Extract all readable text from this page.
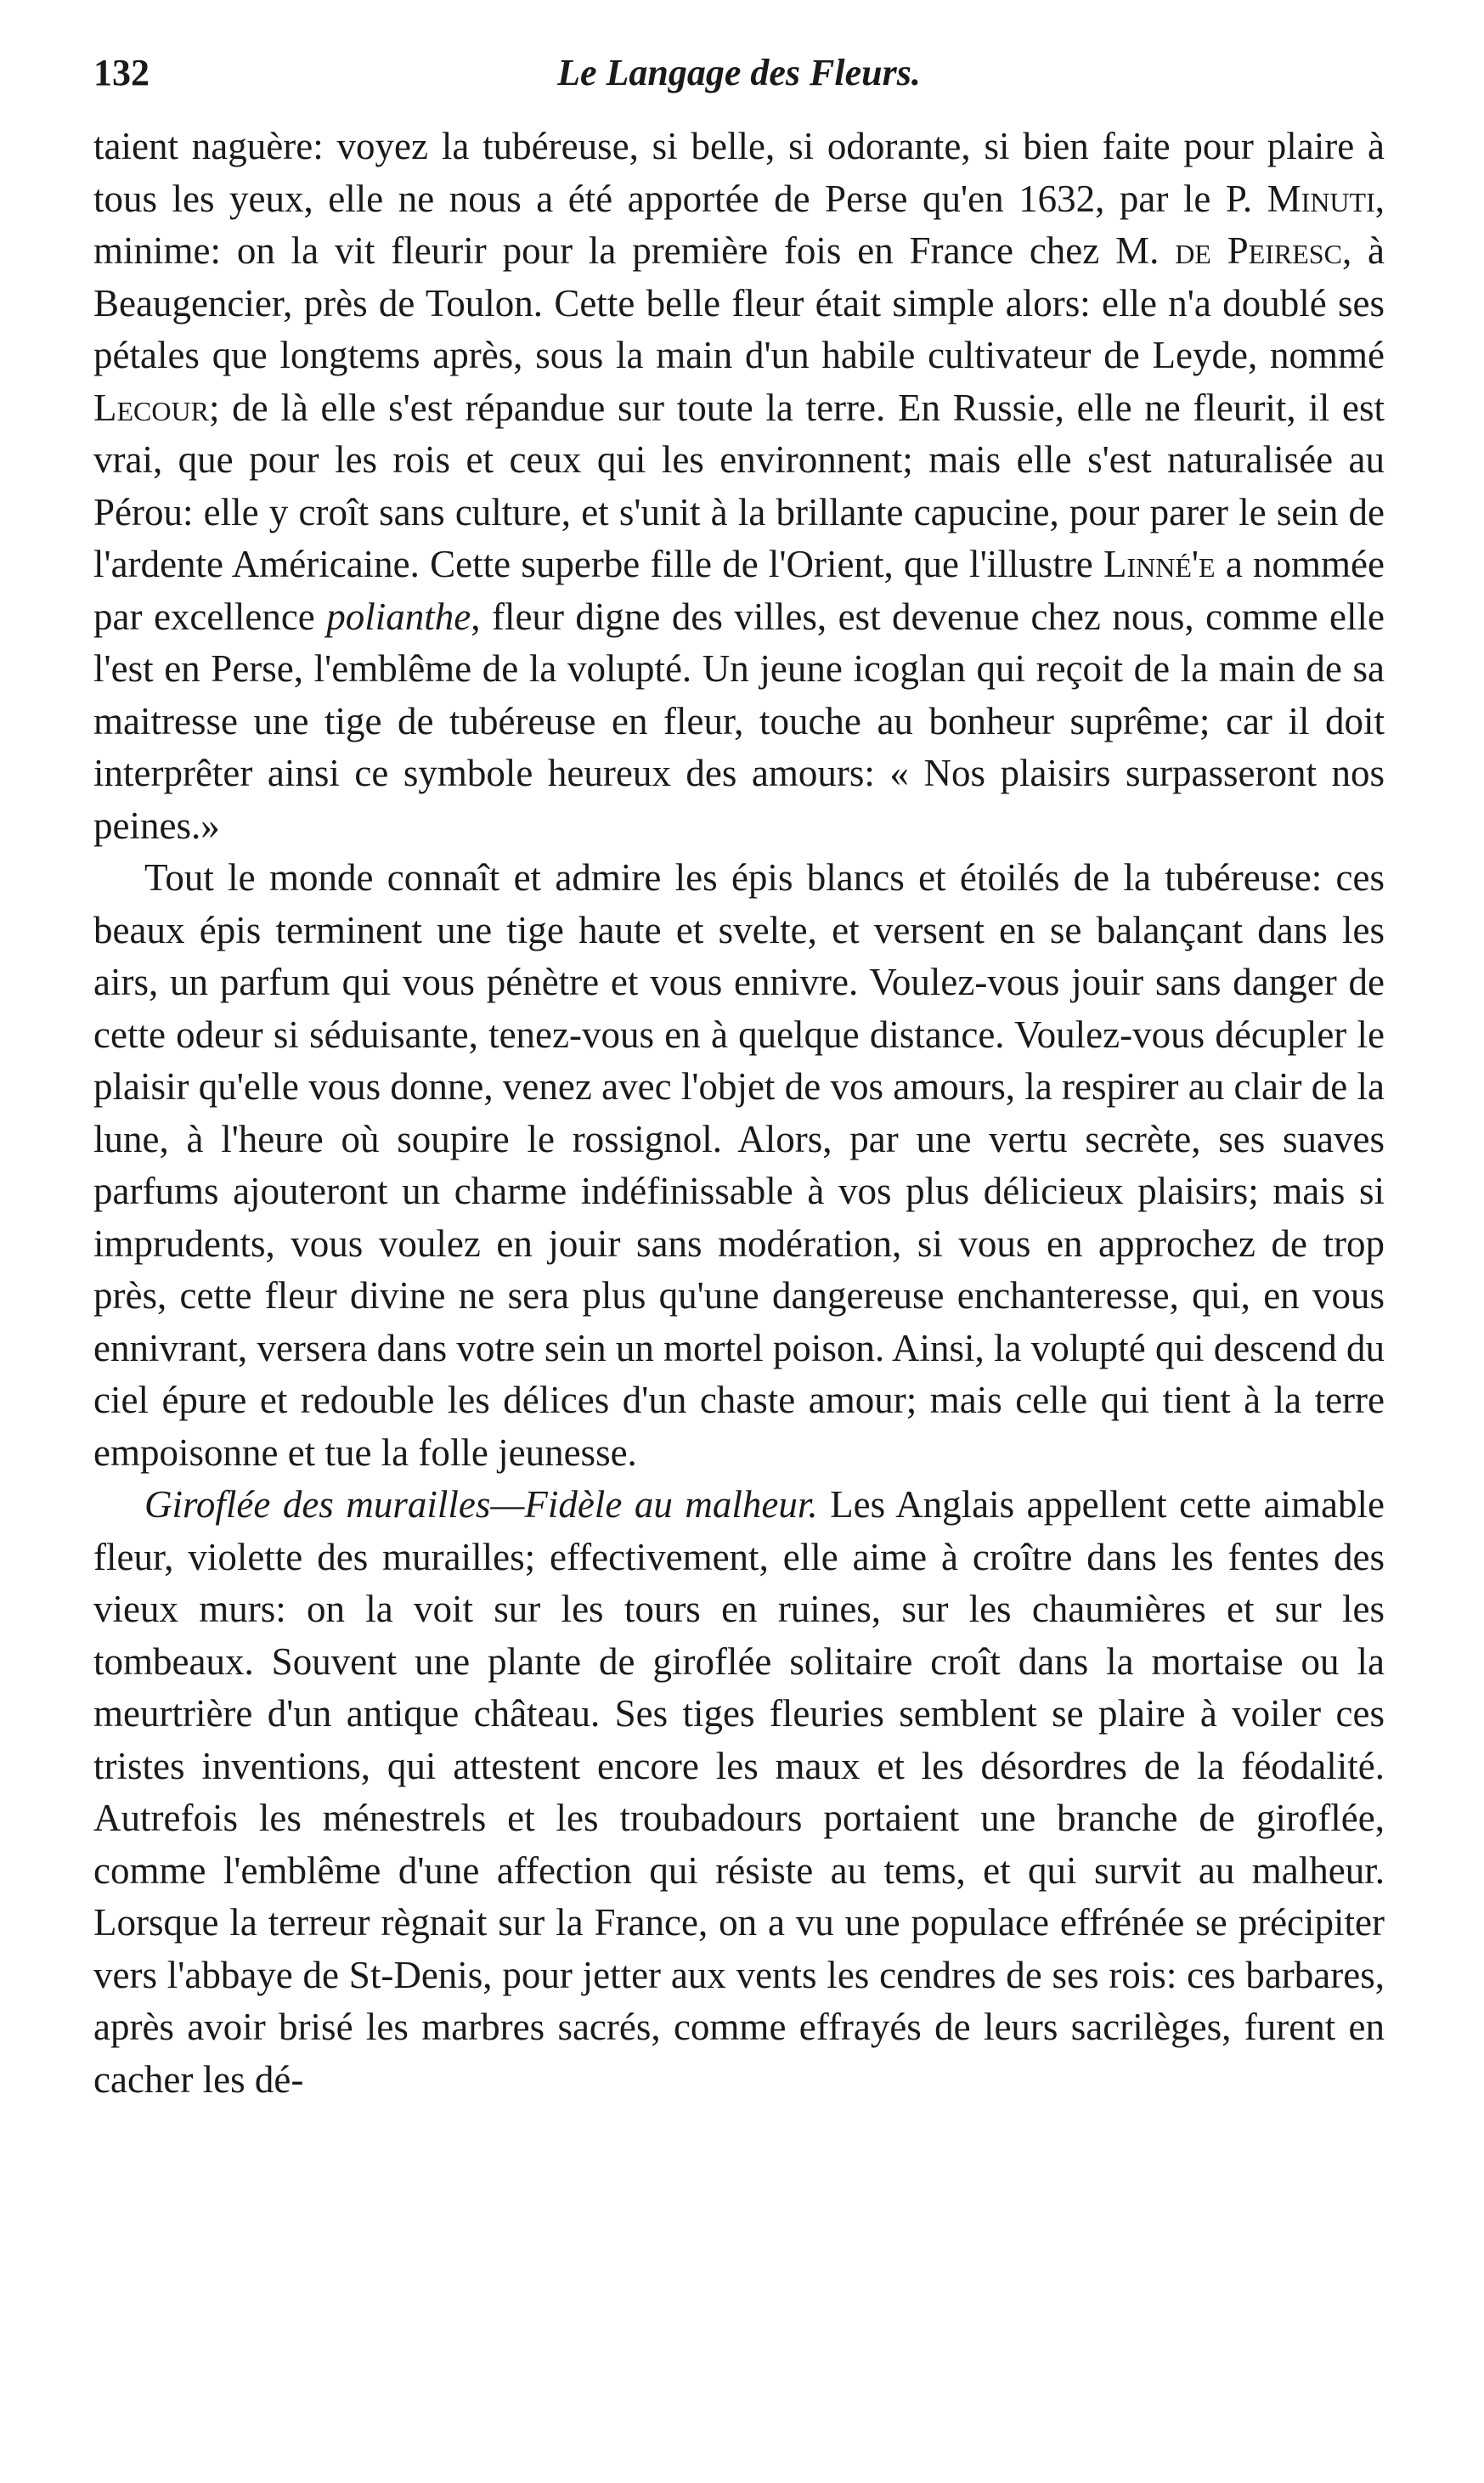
132	Le Langage des Fleurs.

taient naguère: voyez la tubéreuse, si belle, si odorante, si bien faite pour plaire à tous les yeux, elle ne nous a été apportée de Perse qu'en 1632, par le P. Minuti, minime: on la vit fleurir pour la première fois en France chez M. de Peiresc, à Beaugencier, près de Toulon. Cette belle fleur était simple alors: elle n'a doublé ses pétales que longtems après, sous la main d'un habile cultivateur de Leyde, nommé Lecour; de là elle s'est répandue sur toute la terre. En Russie, elle ne fleurit, il est vrai, que pour les rois et ceux qui les environnent; mais elle s'est naturalisée au Pérou: elle y croît sans culture, et s'unit à la brillante capucine, pour parer le sein de l'ardente Américaine. Cette superbe fille de l'Orient, que l'illustre Linné'e a nommée par excellence polianthe, fleur digne des villes, est devenue chez nous, comme elle l'est en Perse, l'emblême de la volupté. Un jeune icoglan qui reçoit de la main de sa maitresse une tige de tubéreuse en fleur, touche au bonheur suprême; car il doit interprêter ainsi ce symbole heureux des amours: « Nos plaisirs surpasseront nos peines.»

Tout le monde connaît et admire les épis blancs et étoilés de la tubéreuse: ces beaux épis terminent une tige haute et svelte, et versent en se balançant dans les airs, un parfum qui vous pénètre et vous ennivre. Voulez-vous jouir sans danger de cette odeur si séduisante, tenez-vous en à quelque distance. Voulez-vous décupler le plaisir qu'elle vous donne, venez avec l'objet de vos amours, la respirer au clair de la lune, à l'heure où soupire le rossignol. Alors, par une vertu secrète, ses suaves parfums ajouteront un charme indéfinissable à vos plus délicieux plaisirs; mais si imprudents, vous voulez en jouir sans modération, si vous en approchez de trop près, cette fleur divine ne sera plus qu'une dangereuse enchanteresse, qui, en vous ennivrant, versera dans votre sein un mortel poison. Ainsi, la volupté qui descend du ciel épure et redouble les délices d'un chaste amour; mais celle qui tient à la terre empoisonne et tue la folle jeunesse.

Giroflée des murailles—Fidèle au malheur. Les Anglais appellent cette aimable fleur, violette des murailles; effectivement, elle aime à croître dans les fentes des vieux murs: on la voit sur les tours en ruines, sur les chaumières et sur les tombeaux. Souvent une plante de giroflée solitaire croît dans la mortaise ou la meurtrière d'un antique château. Ses tiges fleuries semblent se plaire à voiler ces tristes inventions, qui attestent encore les maux et les désordres de la féodalité. Autrefois les ménestrels et les troubadours portaient une branche de giroflée, comme l'emblême d'une affection qui résiste au tems, et qui survit au malheur. Lorsque la terreur règnait sur la France, on a vu une populace effrénée se précipiter vers l'abbaye de St-Denis, pour jetter aux vents les cendres de ses rois: ces barbares, après avoir brisé les marbres sacrés, comme effrayés de leurs sacrilèges, furent en cacher les dé-
